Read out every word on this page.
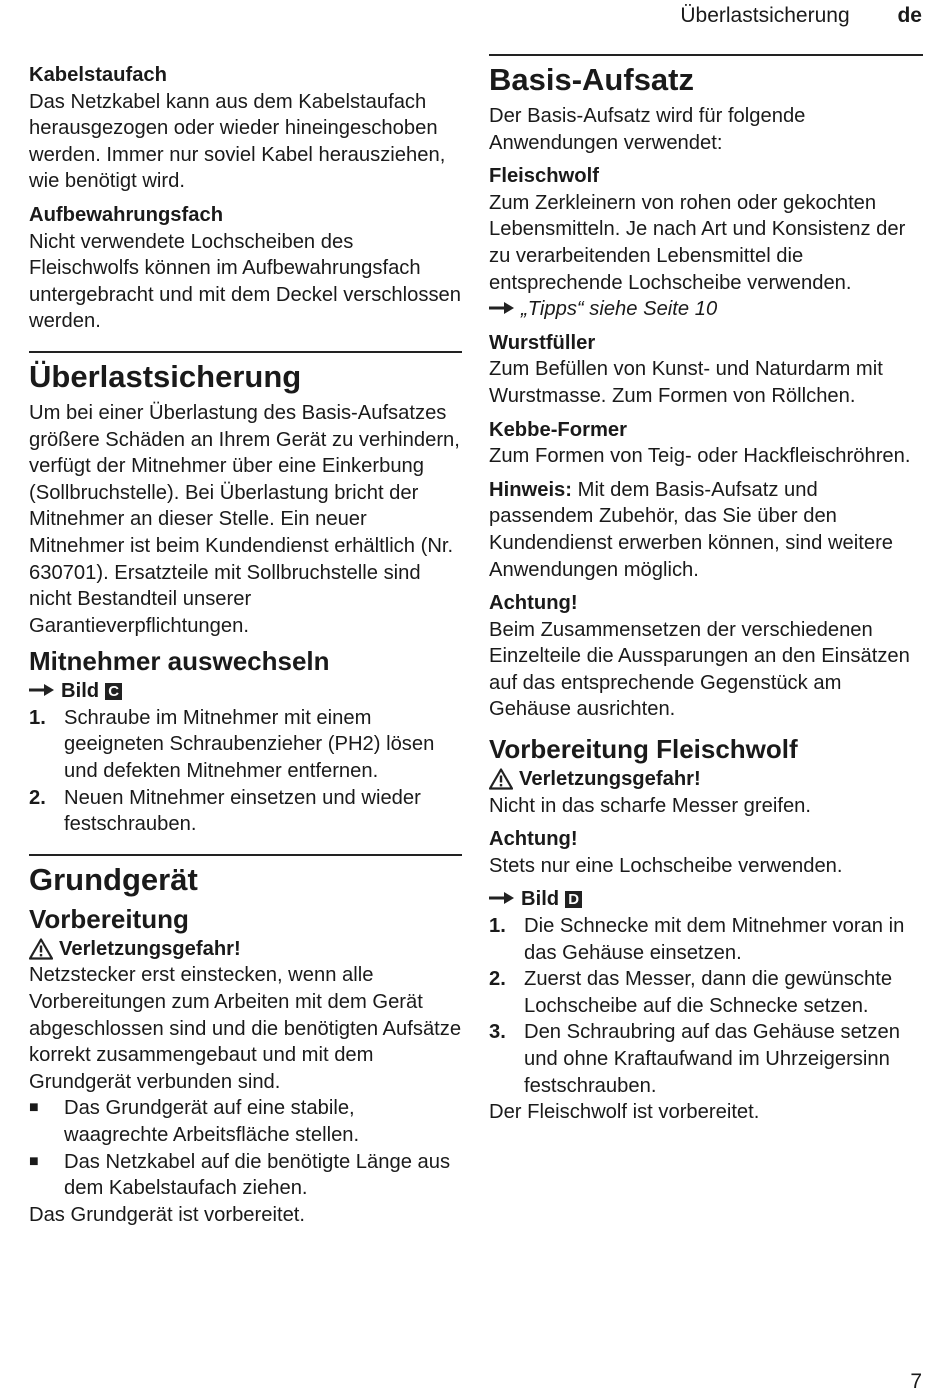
Überlastsicherung de
Kabelstaufach

Das Netzkabel kann aus dem Kabelstaufach herausgezogen oder wieder hineingeschoben werden. Immer nur soviel Kabel herausziehen, wie benötigt wird.

Aufbewahrungsfach

Nicht verwendete Lochscheiben des Fleischwolfs können im Aufbewahrungsfach untergebracht und mit dem Deckel verschlossen werden.

Überlastsicherung

Um bei einer Überlastung des Basis-Aufsatzes größere Schäden an Ihrem Gerät zu verhindern, verfügt der Mitnehmer über eine Einkerbung (Sollbruchstelle). Bei Überlastung bricht der Mitnehmer an dieser Stelle. Ein neuer Mitnehmer ist beim Kundendienst erhältlich (Nr. 630701). Ersatzteile mit Sollbruchstelle sind nicht Bestandteil unserer Garantieverpflichtungen.

Mitnehmer auswechseln
Bild C
1. Schraube im Mitnehmer mit einem geeigneten Schraubenzieher (PH2) lösen und defekten Mitnehmer entfernen.
2. Neuen Mitnehmer einsetzen und wieder festschrauben.
Grundgerät
Vorbereitung
Verletzungsgefahr!

Netzstecker erst einstecken, wenn alle Vorbereitungen zum Arbeiten mit dem Gerät abgeschlossen sind und die benötigten Aufsätze korrekt zusammengebaut und mit dem Grundgerät verbunden sind.

■	Das Grundgerät auf eine stabile, waagrechte Arbeitsfläche stellen.
■	Das Netzkabel auf die benötigte Länge aus dem Kabelstaufach ziehen.

Das Grundgerät ist vorbereitet.

Basis-Aufsatz

Der Basis-Aufsatz wird für folgende Anwendungen verwendet:

Fleischwolf

Zum Zerkleinern von rohen oder gekochten Lebensmitteln. Je nach Art und Konsistenz der zu verarbeitenden Lebensmittel die entsprechende Lochscheibe verwenden.

„Tipps“ siehe Seite 10
Wurstfüller

Zum Befüllen von Kunst- und Naturdarm mit Wurstmasse. Zum Formen von Röllchen.

Kebbe-Former

Zum Formen von Teig- oder Hackfleischröhren.

Hinweis: Mit dem Basis-Aufsatz und passendem Zubehör, das Sie über den Kundendienst erwerben können, sind weitere Anwendungen möglich.

Achtung!

Beim Zusammensetzen der verschiedenen Einzelteile die Aussparungen an den Einsätzen auf das entsprechende Gegenstück am Gehäuse ausrichten.

Vorbereitung Fleischwolf
Verletzungsgefahr!

Nicht in das scharfe Messer greifen.

Achtung!

Stets nur eine Lochscheibe verwenden.

Bild D
1. Die Schnecke mit dem Mitnehmer voran in das Gehäuse einsetzen.
2. Zuerst das Messer, dann die gewünschte Lochscheibe auf die Schnecke setzen.
3. Den Schraubring auf das Gehäuse setzen und ohne Kraftaufwand im Uhrzeigersinn festschrauben.

Der Fleischwolf ist vorbereitet.

7
